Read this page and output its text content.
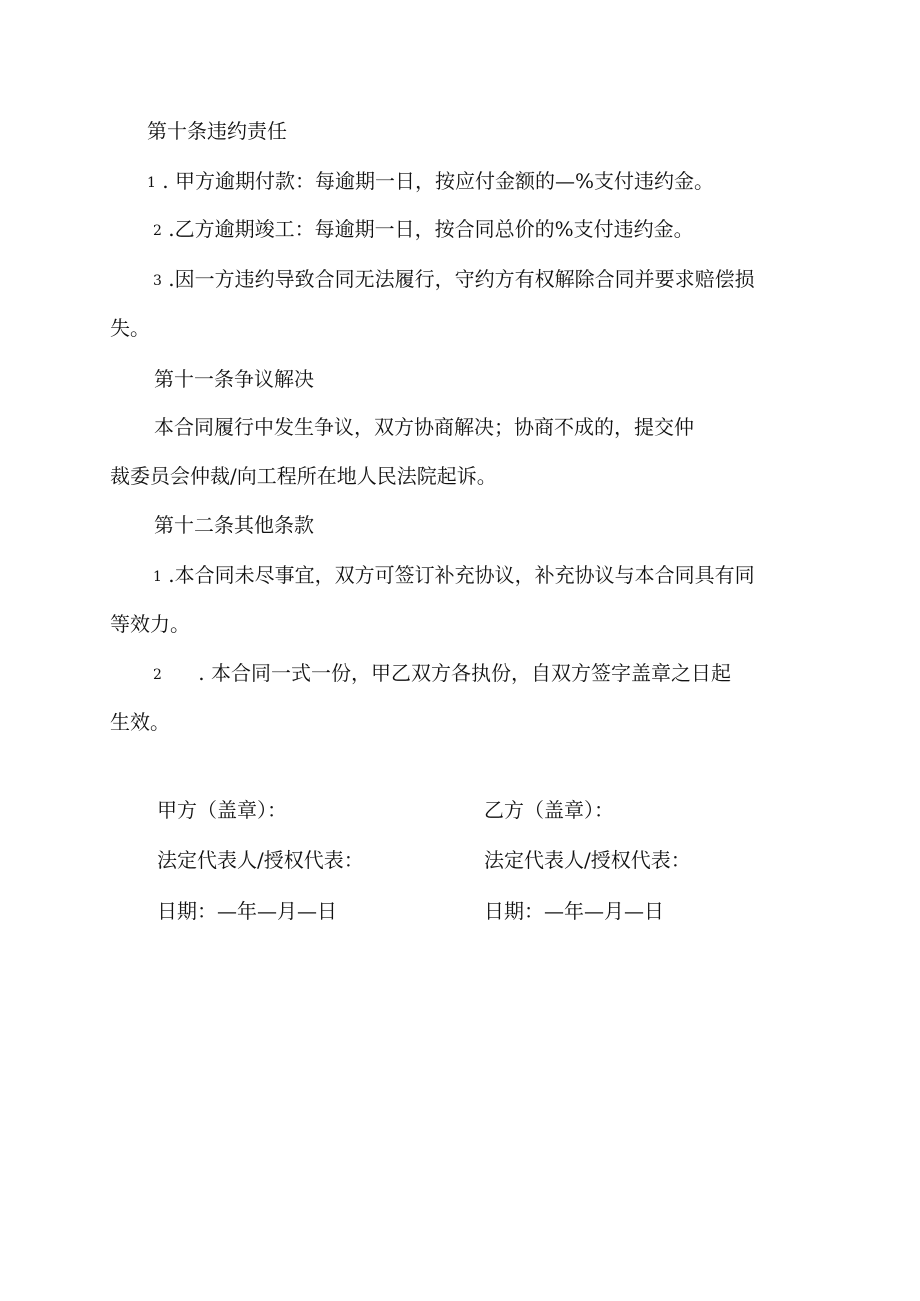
第十条违约责任
1 . 甲方逾期付款：每逾期一日，按应付金额的—%支付违约金。
2 .乙方逾期竣工：每逾期一日，按合同总价的%支付违约金。
3 .因一方违约导致合同无法履行，守约方有权解除合同并要求赔偿损
失。
第十一条争议解决
本合同履行中发生争议，双方协商解决；协商不成的，提交仲
裁委员会仲裁/向工程所在地人民法院起诉。
第十二条其他条款
1 .本合同未尽事宜，双方可签订补充协议，补充协议与本合同具有同
等效力。
2 . 本合同一式一份，甲乙双方各执份，自双方签字盖章之日起
生效。
甲方（盖章）：
法定代表人/授权代表：
日期：—年—月—日
乙方（盖章）：
法定代表人/授权代表：
日期：—年—月—日
